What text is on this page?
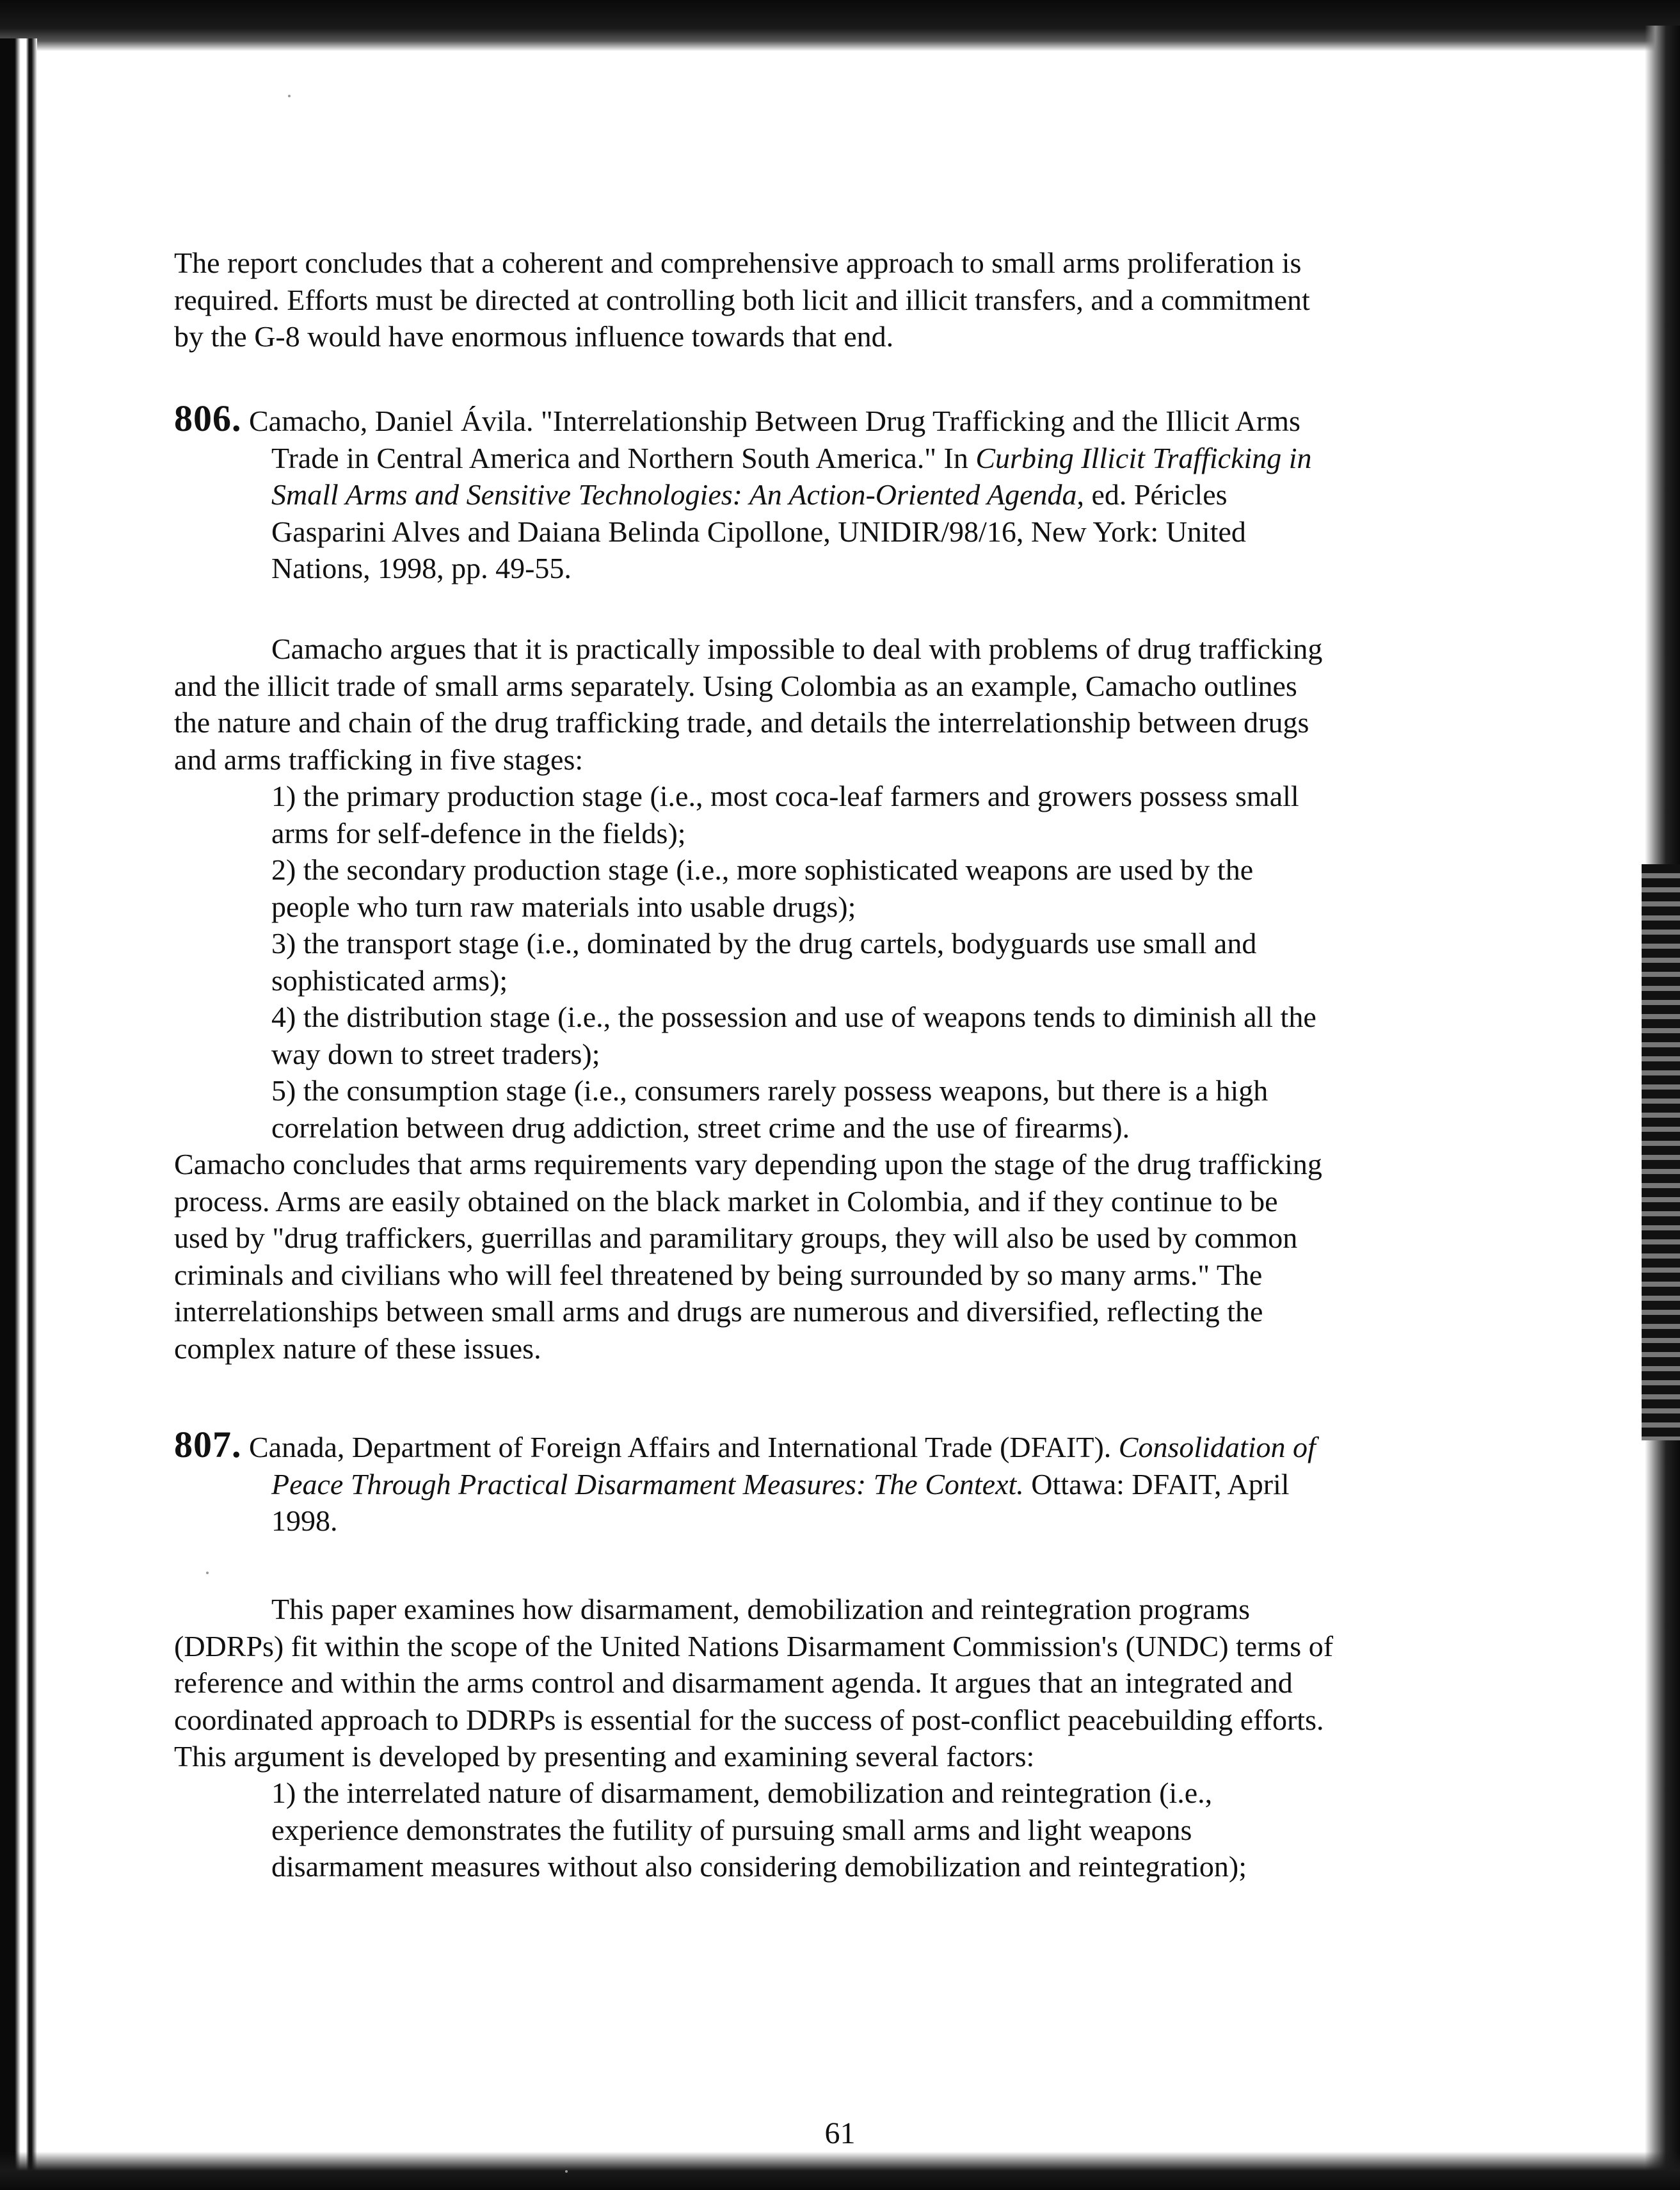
The report concludes that a coherent and comprehensive approach to small arms proliferation is
required. Efforts must be directed at controlling both licit and illicit transfers, and a commitment
by the G-8 would have enormous influence towards that end.
806. Camacho, Daniel Ávila. "Interrelationship Between Drug Trafficking and the Illicit Arms
Trade in Central America and Northern South America." In Curbing Illicit Trafficking in
Small Arms and Sensitive Technologies: An Action-Oriented Agenda, ed. Péricles
Gasparini Alves and Daiana Belinda Cipollone, UNIDIR/98/16, New York: United
Nations, 1998, pp. 49-55.
Camacho argues that it is practically impossible to deal with problems of drug trafficking
and the illicit trade of small arms separately. Using Colombia as an example, Camacho outlines
the nature and chain of the drug trafficking trade, and details the interrelationship between drugs
and arms trafficking in five stages:
1) the primary production stage (i.e., most coca-leaf farmers and growers possess small
arms for self-defence in the fields);
2) the secondary production stage (i.e., more sophisticated weapons are used by the
people who turn raw materials into usable drugs);
3) the transport stage (i.e., dominated by the drug cartels, bodyguards use small and
sophisticated arms);
4) the distribution stage (i.e., the possession and use of weapons tends to diminish all the
way down to street traders);
5) the consumption stage (i.e., consumers rarely possess weapons, but there is a high
correlation between drug addiction, street crime and the use of firearms).
Camacho concludes that arms requirements vary depending upon the stage of the drug trafficking
process. Arms are easily obtained on the black market in Colombia, and if they continue to be
used by "drug traffickers, guerrillas and paramilitary groups, they will also be used by common
criminals and civilians who will feel threatened by being surrounded by so many arms." The
interrelationships between small arms and drugs are numerous and diversified, reflecting the
complex nature of these issues.
807. Canada, Department of Foreign Affairs and International Trade (DFAIT). Consolidation of
Peace Through Practical Disarmament Measures: The Context. Ottawa: DFAIT, April
1998.
This paper examines how disarmament, demobilization and reintegration programs
(DDRPs) fit within the scope of the United Nations Disarmament Commission's (UNDC) terms of
reference and within the arms control and disarmament agenda. It argues that an integrated and
coordinated approach to DDRPs is essential for the success of post-conflict peacebuilding efforts.
This argument is developed by presenting and examining several factors:
1) the interrelated nature of disarmament, demobilization and reintegration (i.e.,
experience demonstrates the futility of pursuing small arms and light weapons
disarmament measures without also considering demobilization and reintegration);
61
